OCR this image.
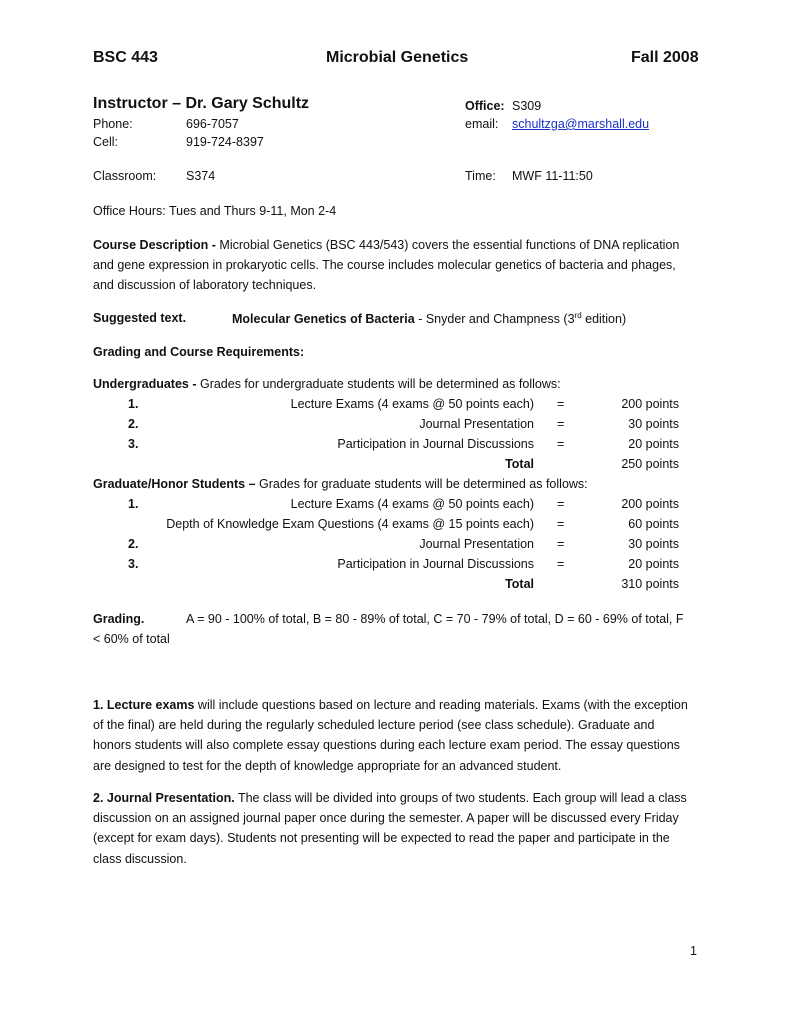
BSC 443	Microbial Genetics	Fall 2008
Instructor – Dr. Gary Schultz
Phone:	696-7057
Cell:	919-724-8397
Office: S309
email: schultzga@marshall.edu
Classroom: S374	Time: MWF 11-11:50
Office Hours: Tues and Thurs 9-11, Mon 2-4
Course Description - Microbial Genetics (BSC 443/543) covers the essential functions of DNA replication and gene expression in prokaryotic cells. The course includes molecular genetics of bacteria and phages, and discussion of laboratory techniques.
Suggested text.	Molecular Genetics of Bacteria - Snyder and Champness (3rd edition)
Grading and Course Requirements:
Undergraduates - Grades for undergraduate students will be determined as follows:
1.	Lecture Exams (4 exams @ 50 points each) =	200 points
2.	Journal Presentation =	30 points
3.	Participation in Journal Discussions =	20 points
Total	250 points
Graduate/Honor Students – Grades for graduate students will be determined as follows:
1.	Lecture Exams (4 exams @ 50 points each) =	200 points
Depth of Knowledge Exam Questions (4 exams @ 15 points each) =	60 points
2.	Journal Presentation =	30 points
3.	Participation in Journal Discussions =	20 points
Total	310 points
Grading.	A = 90 - 100% of total, B = 80 - 89% of total, C = 70 - 79% of total, D = 60 - 69% of total, F
< 60% of total
1. Lecture exams will include questions based on lecture and reading materials. Exams (with the exception of the final) are held during the regularly scheduled lecture period (see class schedule). Graduate and honors students will also complete essay questions during each lecture exam period. The essay questions are designed to test for the depth of knowledge appropriate for an advanced student.
2. Journal Presentation. The class will be divided into groups of two students. Each group will lead a class discussion on an assigned journal paper once during the semester. A paper will be discussed every Friday (except for exam days). Students not presenting will be expected to read the paper and participate in the class discussion.
1
